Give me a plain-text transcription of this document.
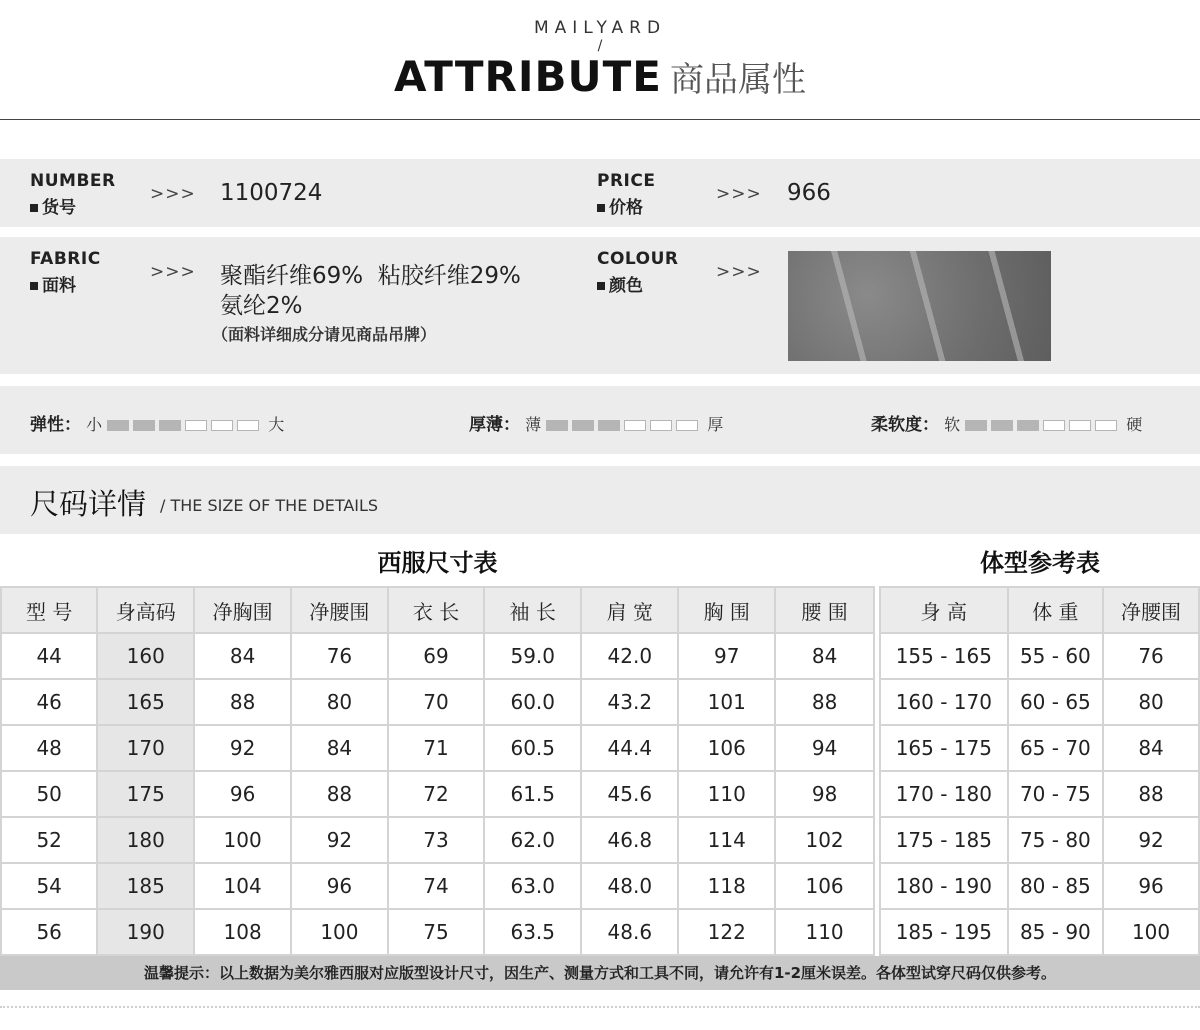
MAILYARD
/
ATTRIBUTE 商品属性
NUMBER
货号
>>> 1100724	PRICE
价格
>>> 966
FABRIC
面料
>>> 聚酯纤维69%  粘胶纤维29%
氨纶2%
（面料详细成分请见商品吊牌）
COLOUR
颜色
>>>
弹性： 小	大	厚薄： 薄	厚	柔软度： 软	硬
尺码详情 / THE SIZE OF THE DETAILS
西服尺寸表	体型参考表
型 号	身高码	净胸围	净腰围	衣 长	袖 长	肩 宽	胸 围	腰 围
44	160	84	76	69	59.0	42.0	97	84
46	165	88	80	70	60.0	43.2	101	88
48	170	92	84	71	60.5	44.4	106	94
50	175	96	88	72	61.5	45.6	110	98
52	180	100	92	73	62.0	46.8	114	102
54	185	104	96	74	63.0	48.0	118	106
56	190	108	100	75	63.5	48.6	122	110
身 高	体 重	净腰围
155 - 165	55 - 60	76
160 - 170	60 - 65	80
165 - 175	65 - 70	84
170 - 180	70 - 75	88
175 - 185	75 - 80	92
180 - 190	80 - 85	96
185 - 195	85 - 90	100
温馨提示：以上数据为美尔雅西服对应版型设计尺寸，因生产、测量方式和工具不同，请允许有1-2厘米误差。各体型试穿尺码仅供参考。
